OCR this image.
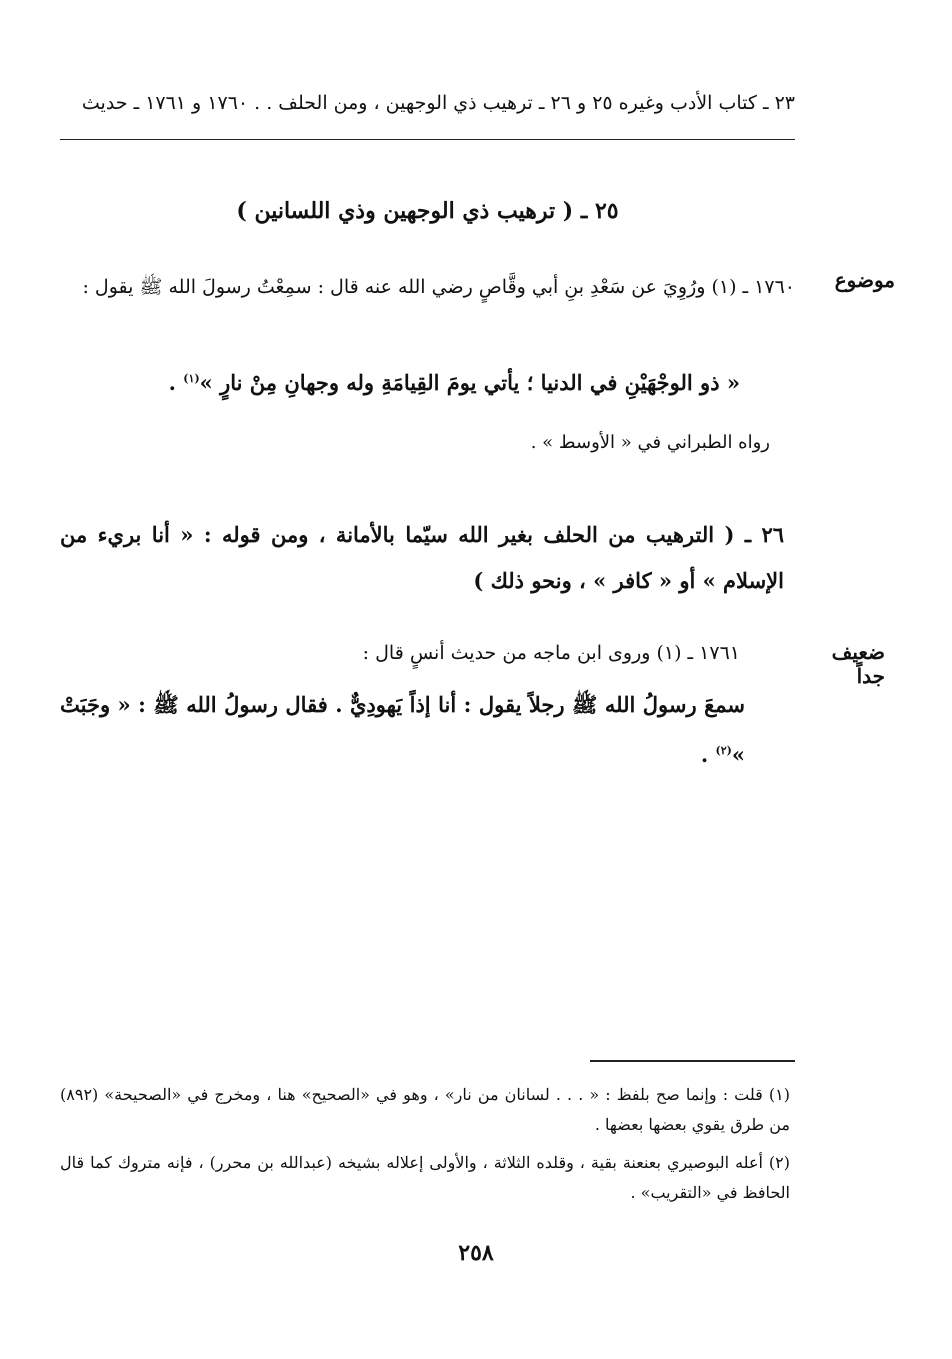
٢٣ ـ كتاب الأدب وغيره ٢٥ و ٢٦ ـ ترهيب ذي الوجهين ، ومن الحلف . . ١٧٦٠ و ١٧٦١ ـ حديث
٢٥ ـ ( ترهيب ذي الوجهين وذي اللسانين )
موضوع
١٧٦٠ ـ (١) ورُوِيَ عن سَعْدِ بنِ أبي وقَّاصٍ رضي الله عنه قال : سمِعْتُ رسولَ الله ﷺ يقول :
« ذو الوجْهَيْنِ في الدنيا ؛ يأتي يومَ القِيامَةِ وله وجهانِ مِنْ نارٍ »$^{(١)}$ .
رواه الطبراني في « الأوسط » .
٢٦ ـ ( الترهيب من الحلف بغير الله سيّما بالأمانة ، ومن قوله : « أنا بريء من الإسلام » أو « كافر » ، ونحو ذلك )
ضعيف
جداً
١٧٦١ ـ (١) وروى ابن ماجه من حديث أنسٍ قال :
سمعَ رسولُ الله ﷺ رجلاً يقول : أنا إذاً يَهودِيٌّ . فقال رسولُ الله ﷺ : « وجَبَتْ »$^{(٢)}$ .
(١) قلت : وإنما صح بلفظ : « . . . لسانان من نار» ، وهو في «الصحيح» هنا ، ومخرج في «الصحيحة» (٨٩٢) من طرق يقوي بعضها بعضها .
(٢) أعله البوصيري بعنعنة بقية ، وقلده الثلاثة ، والأولى إعلاله بشيخه (عبدالله بن محرر) ، فإنه متروك كما قال الحافظ في «التقريب» .
٢٥٨
